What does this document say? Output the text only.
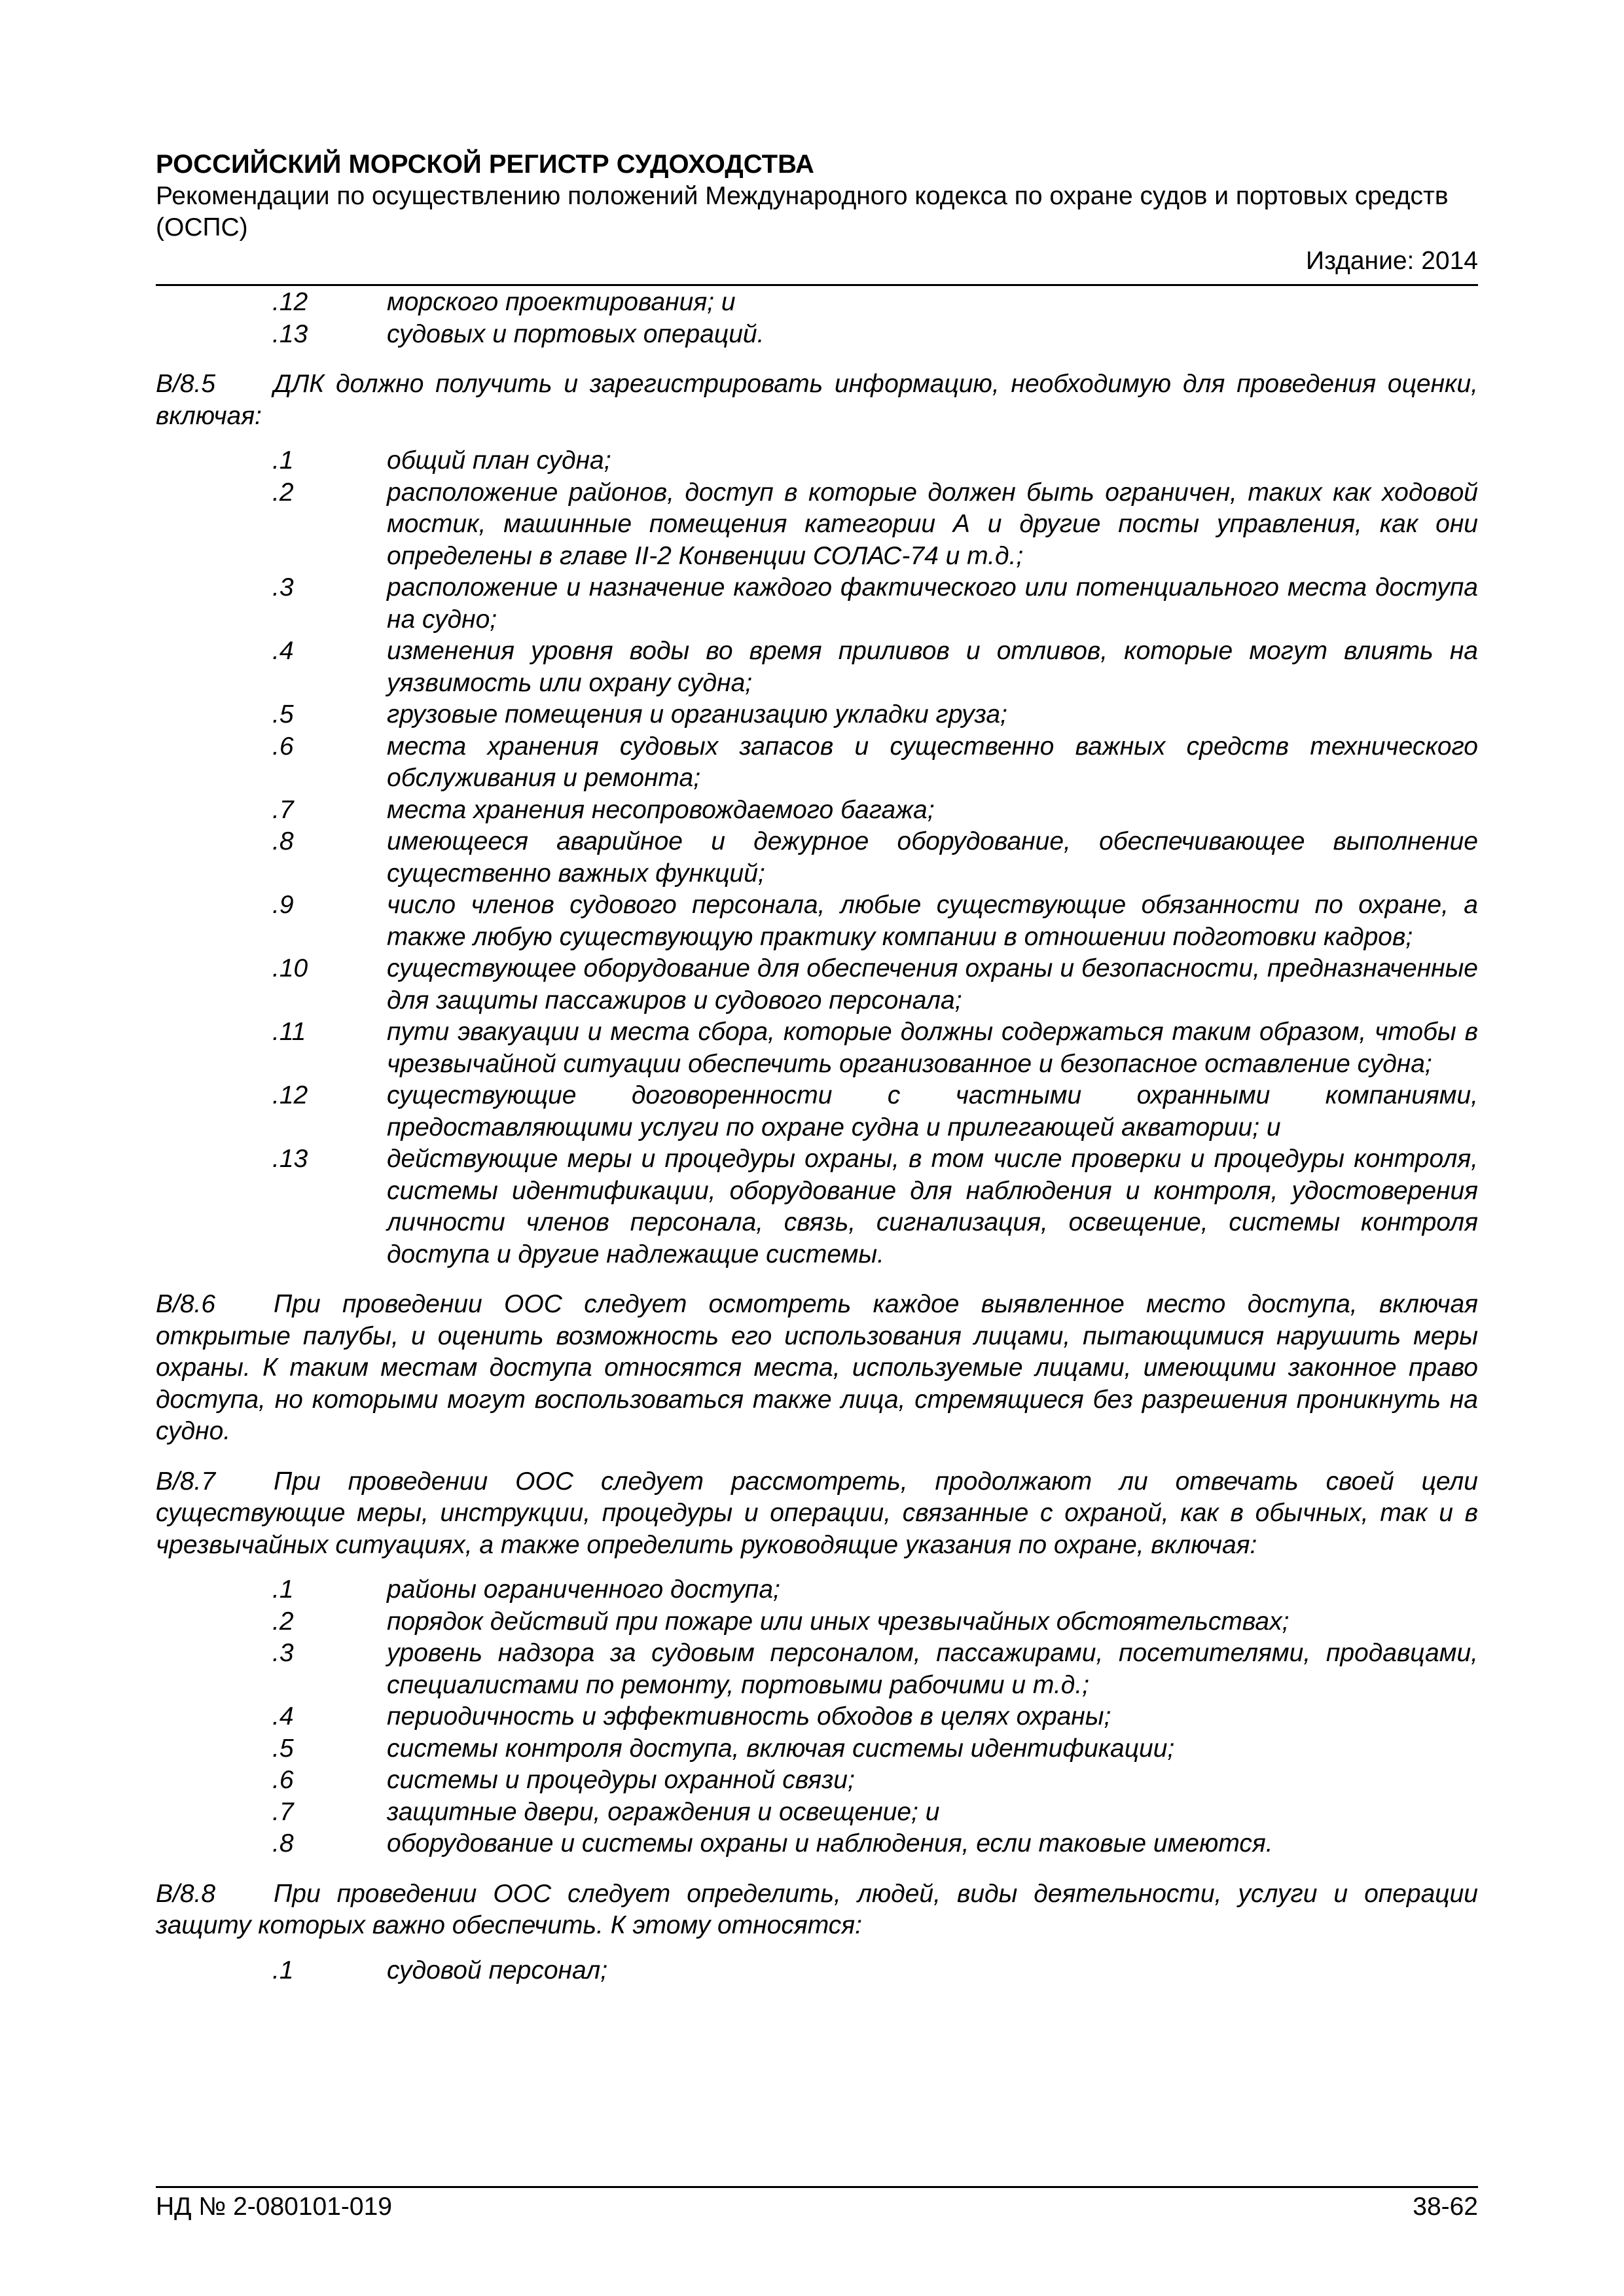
РОССИЙСКИЙ МОРСКОЙ РЕГИСТР СУДОХОДСТВА
Рекомендации по осуществлению положений Международного кодекса по охране судов и портовых средств (ОСПС)
Издание: 2014
.12	морского проектирования; и
.13	судовых и портовых операций.
B/8.5 ДЛК должно получить и зарегистрировать информацию, необходимую для проведения оценки, включая:
.1	общий план судна;
.2	расположение районов, доступ в которые должен быть ограничен, таких как ходовой мостик, машинные помещения категории А и другие посты управления, как они определены в главе II-2 Конвенции СОЛАС-74 и т.д.;
.3	расположение и назначение каждого фактического или потенциального места доступа на судно;
.4	изменения уровня воды во время приливов и отливов, которые могут влиять на уязвимость или охрану судна;
.5	грузовые помещения и организацию укладки груза;
.6	места хранения судовых запасов и существенно важных средств технического обслуживания и ремонта;
.7	места хранения несопровождаемого багажа;
.8	имеющееся аварийное и дежурное оборудование, обеспечивающее выполнение существенно важных функций;
.9	число членов судового персонала, любые существующие обязанности по охране, а также любую существующую практику компании в отношении подготовки кадров;
.10	существующее оборудование для обеспечения охраны и безопасности, предназначенные для защиты пассажиров и судового персонала;
.11	пути эвакуации и места сбора, которые должны содержаться таким образом, чтобы в чрезвычайной ситуации обеспечить организованное и безопасное оставление судна;
.12	существующие договоренности с частными охранными компаниями, предоставляющими услуги по охране судна и прилегающей акватории; и
.13	действующие меры и процедуры охраны, в том числе проверки и процедуры контроля, системы идентификации, оборудование для наблюдения и контроля, удостоверения личности членов персонала, связь, сигнализация, освещение, системы контроля доступа и другие надлежащие системы.
B/8.6 При проведении ООС следует осмотреть каждое выявленное место доступа, включая открытые палубы, и оценить возможность его использования лицами, пытающимися нарушить меры охраны. К таким местам доступа относятся места, используемые лицами, имеющими законное право доступа, но которыми могут воспользоваться также лица, стремящиеся без разрешения проникнуть на судно.
B/8.7 При проведении ООС следует рассмотреть, продолжают ли отвечать своей цели существующие меры, инструкции, процедуры и операции, связанные с охраной, как в обычных, так и в чрезвычайных ситуациях, а также определить руководящие указания по охране, включая:
.1	районы ограниченного доступа;
.2	порядок действий при пожаре или иных чрезвычайных обстоятельствах;
.3	уровень надзора за судовым персоналом, пассажирами, посетителями, продавцами, специалистами по ремонту, портовыми рабочими и т.д.;
.4	периодичность и эффективность обходов в целях охраны;
.5	системы контроля доступа, включая системы идентификации;
.6	системы и процедуры охранной связи;
.7	защитные двери, ограждения и освещение; и
.8	оборудование и системы охраны и наблюдения, если таковые имеются.
B/8.8 При проведении ООС следует определить, людей, виды деятельности, услуги и операции защиту которых важно обеспечить. К этому относятся:
.1	судовой персонал;
НД № 2-080101-019	38-62
